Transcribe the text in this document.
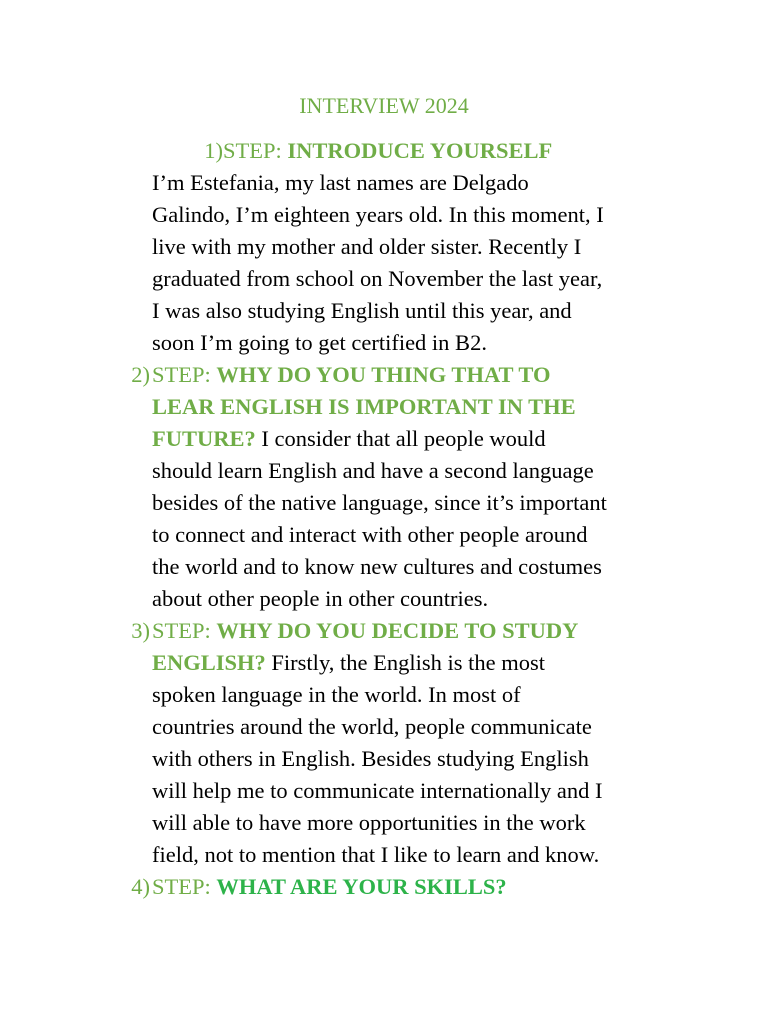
INTERVIEW 2024
1) STEP: INTRODUCE YOURSELF
I’m Estefania, my last names are Delgado
Galindo, I’m eighteen years old. In this moment, I
live with my mother and older sister. Recently I
graduated from school on November the last year,
I was also studying English until this year, and
soon I’m going to get certified in B2.
2) STEP: WHY DO YOU THING THAT TO
LEAR ENGLISH IS IMPORTANT IN THE
FUTURE? I consider that all people would
should learn English and have a second language
besides of the native language, since it’s important
to connect and interact with other people around
the world and to know new cultures and costumes
about other people in other countries.
3) STEP: WHY DO YOU DECIDE TO STUDY
ENGLISH? Firstly, the English is the most
spoken language in the world. In most of
countries around the world, people communicate
with others in English. Besides studying English
will help me to communicate internationally and I
will able to have more opportunities in the work
field, not to mention that I like to learn and know.
4) STEP: WHAT ARE YOUR SKILLS?
